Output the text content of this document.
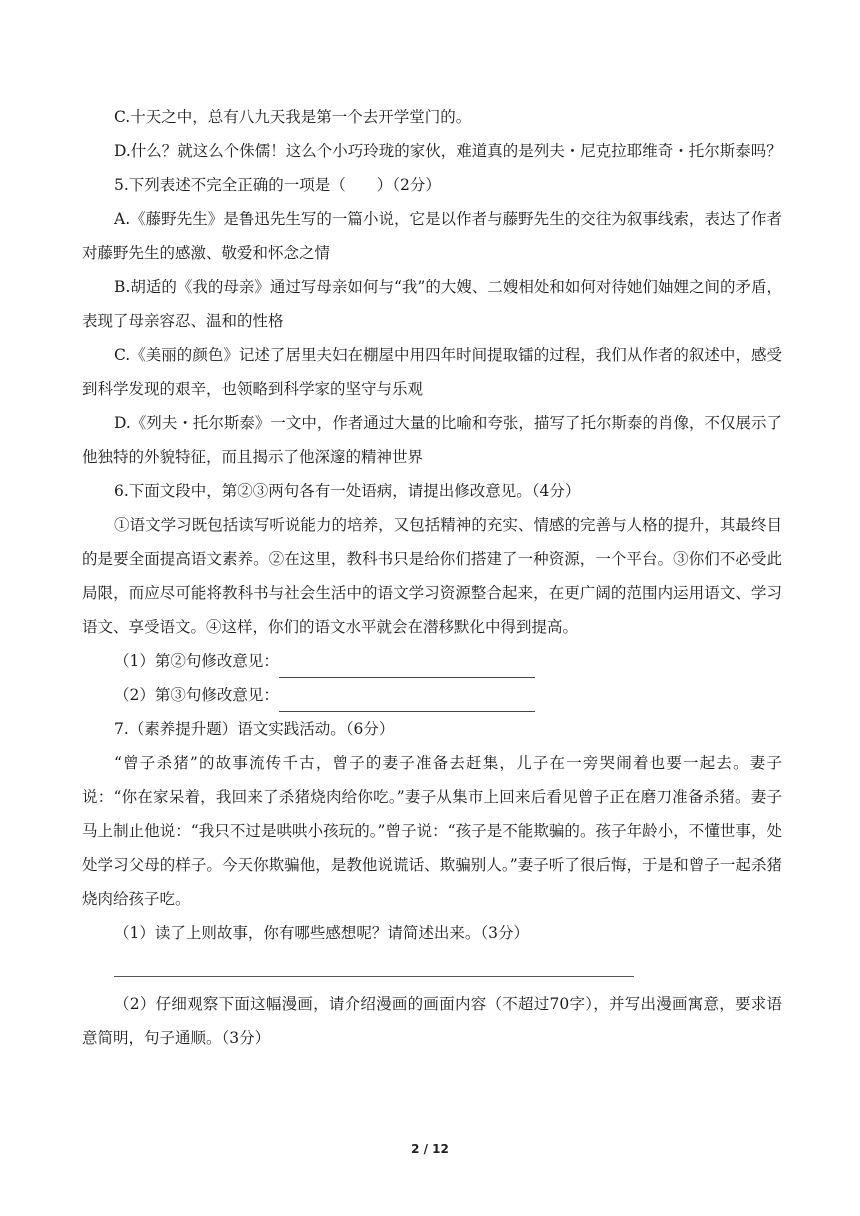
C.十天之中，总有八九天我是第一个去开学堂门的。

D.什么？就这么个侏儒！这么个小巧玲珑的家伙，难道真的是列夫・尼克拉耶维奇・托尔斯泰吗？

5.下列表述不完全正确的一项是（　　）（2分）

A.《藤野先生》是鲁迅先生写的一篇小说，它是以作者与藤野先生的交往为叙事线索，表达了作者对藤野先生的感激、敬爱和怀念之情

B.胡适的《我的母亲》通过写母亲如何与“我”的大嫂、二嫂相处和如何对待她们妯娌之间的矛盾，表现了母亲容忍、温和的性格

C.《美丽的颜色》记述了居里夫妇在棚屋中用四年时间提取镭的过程，我们从作者的叙述中，感受到科学发现的艰辛，也领略到科学家的坚守与乐观

D.《列夫・托尔斯泰》一文中，作者通过大量的比喻和夸张，描写了托尔斯泰的肖像，不仅展示了他独特的外貌特征，而且揭示了他深邃的精神世界

6.下面文段中，第②③两句各有一处语病，请提出修改意见。（4分）

①语文学习既包括读写听说能力的培养，又包括精神的充实、情感的完善与人格的提升，其最终目的是要全面提高语文素养。②在这里，教科书只是给你们搭建了一种资源，一个平台。③你们不必受此局限，而应尽可能将教科书与社会生活中的语文学习资源整合起来，在更广阔的范围内运用语文、学习语文、享受语文。④这样，你们的语文水平就会在潜移默化中得到提高。

（1）第②句修改意见：

（2）第③句修改意见：

7.（素养提升题）语文实践活动。（6分）

“曾子杀猪”的故事流传千古，曾子的妻子准备去赶集，儿子在一旁哭闹着也要一起去。妻子说：“你在家呆着，我回来了杀猪烧肉给你吃。”妻子从集市上回来后看见曾子正在磨刀准备杀猪。妻子马上制止他说：“我只不过是哄哄小孩玩的。”曾子说：“孩子是不能欺骗的。孩子年龄小，不懂世事，处处学习父母的样子。今天你欺骗他，是教他说谎话、欺骗别人。”妻子听了很后悔，于是和曾子一起杀猪烧肉给孩子吃。

（1）读了上则故事，你有哪些感想呢？请简述出来。（3分）

（2）仔细观察下面这幅漫画，请介绍漫画的画面内容（不超过70字），并写出漫画寓意，要求语意简明，句子通顺。（3分）

2 / 12
